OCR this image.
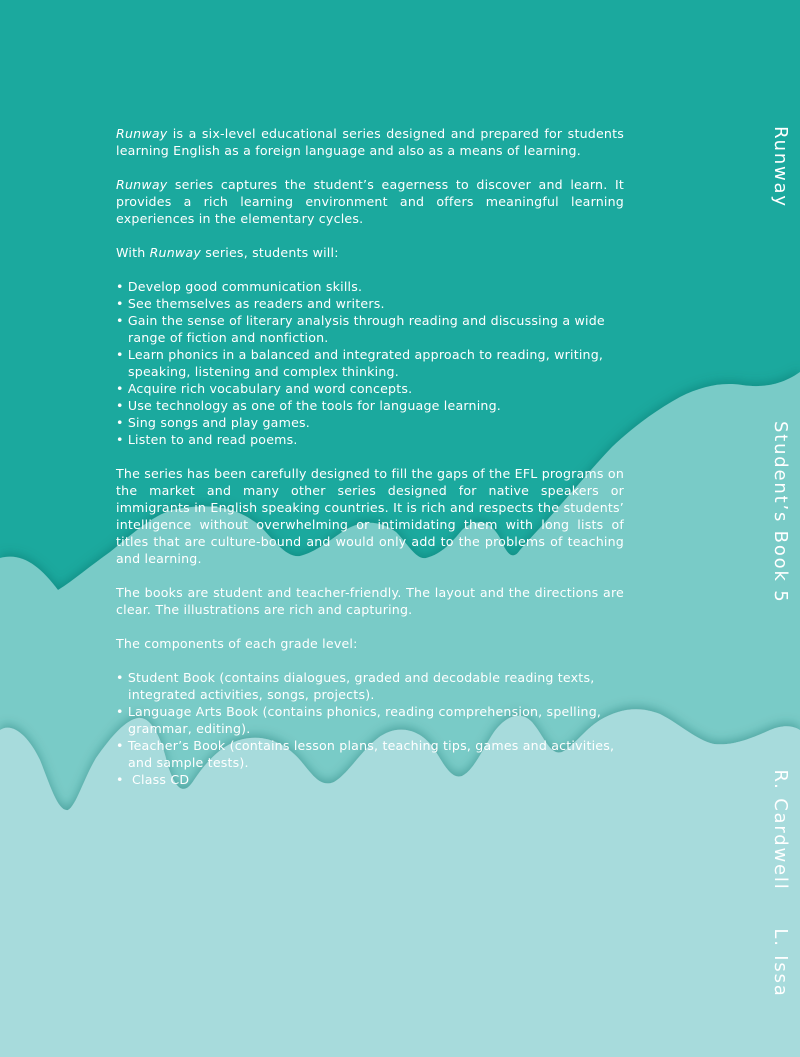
Runway is a six-level educational series designed and prepared for students learning English as a foreign language and also as a means of learning.

Runway series captures the student’s eagerness to discover and learn. It provides a rich learning environment and offers meaningful learning experiences in the elementary cycles.

With Runway series, students will:

• Develop good communication skills.
• See themselves as readers and writers.
• Gain the sense of literary analysis through reading and discussing a wide range of fiction and nonfiction.
• Learn phonics in a balanced and integrated approach to reading, writing, speaking, listening and complex thinking.
• Acquire rich vocabulary and word concepts.
• Use technology as one of the tools for language learning.
• Sing songs and play games.
• Listen to and read poems.

The series has been carefully designed to fill the gaps of the EFL programs on the market and many other series designed for native speakers or immigrants in English speaking countries. It is rich and respects the students’ intelligence without overwhelming or intimidating them with long lists of titles that are culture-bound and would only add to the problems of teaching and learning.

The books are student and teacher-friendly. The layout and the directions are clear. The illustrations are rich and capturing.

The components of each grade level:

• Student Book (contains dialogues, graded and decodable reading texts, integrated activities, songs, projects).
• Language Arts Book (contains phonics, reading comprehension, spelling, grammar, editing).
• Teacher’s Book (contains lesson plans, teaching tips, games and activities, and sample tests).
•  Class CD
Runway
Student’s Book 5
R. Cardwell
L. Issa
